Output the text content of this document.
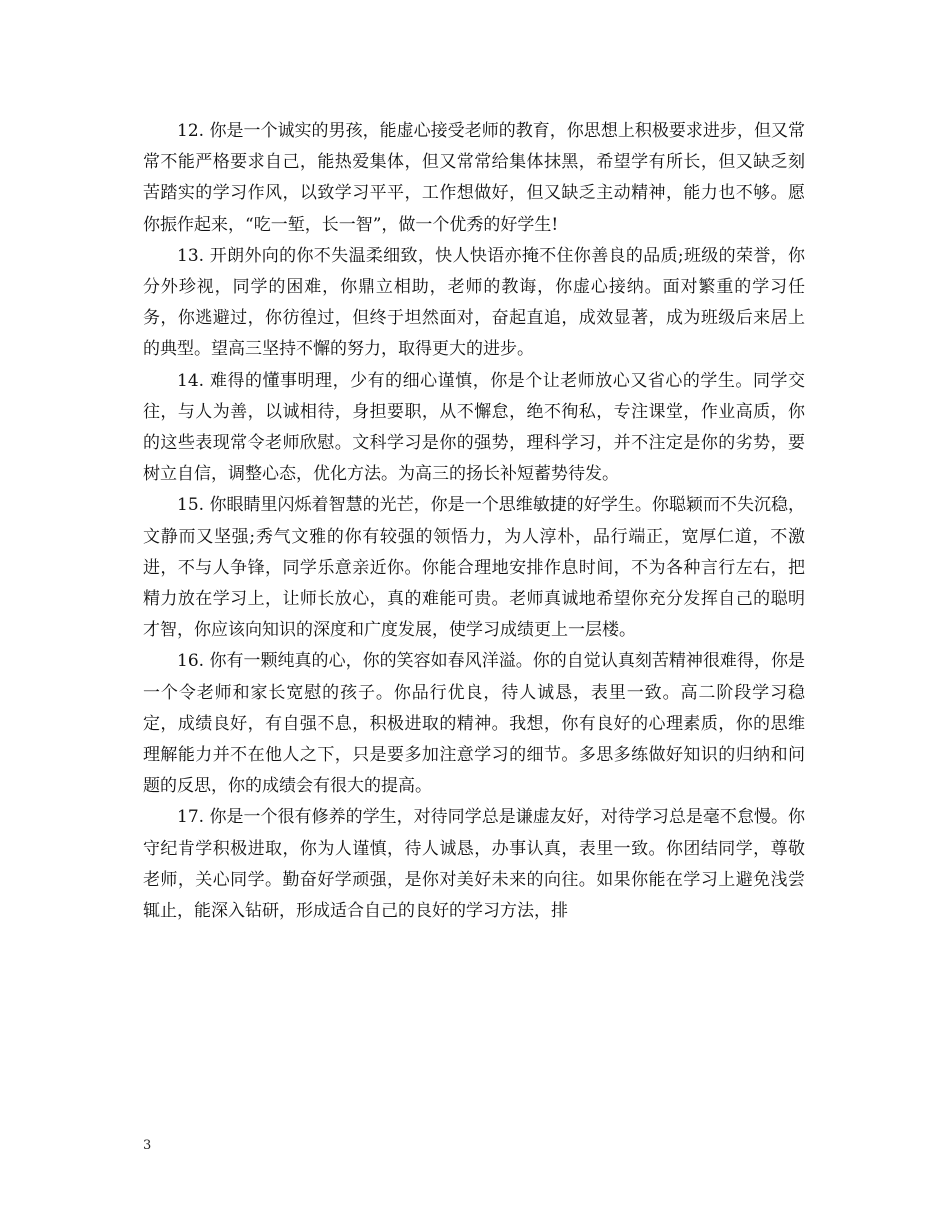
12. 你是一个诚实的男孩，能虚心接受老师的教育，你思想上积极要求进步，但又常常不能严格要求自己，能热爱集体，但又常常给集体抹黑，希望学有所长，但又缺乏刻苦踏实的学习作风，以致学习平平，工作想做好，但又缺乏主动精神，能力也不够。愿你振作起来，“吃一堑，长一智”，做一个优秀的好学生!

13. 开朗外向的你不失温柔细致，快人快语亦掩不住你善良的品质;班级的荣誉，你分外珍视，同学的困难，你鼎立相助，老师的教诲，你虚心接纳。面对繁重的学习任务，你逃避过，你彷徨过，但终于坦然面对，奋起直追，成效显著，成为班级后来居上的典型。望高三坚持不懈的努力，取得更大的进步。

14. 难得的懂事明理，少有的细心谨慎，你是个让老师放心又省心的学生。同学交往，与人为善，以诚相待，身担要职，从不懈怠，绝不徇私，专注课堂，作业高质，你的这些表现常令老师欣慰。文科学习是你的强势，理科学习，并不注定是你的劣势，要树立自信，调整心态，优化方法。为高三的扬长补短蓄势待发。

15. 你眼睛里闪烁着智慧的光芒，你是一个思维敏捷的好学生。你聪颖而不失沉稳，文静而又坚强;秀气文雅的你有较强的领悟力，为人淳朴，品行端正，宽厚仁道，不激进，不与人争锋，同学乐意亲近你。你能合理地安排作息时间，不为各种言行左右，把精力放在学习上，让师长放心，真的难能可贵。老师真诚地希望你充分发挥自己的聪明才智，你应该向知识的深度和广度发展，使学习成绩更上一层楼。

16. 你有一颗纯真的心，你的笑容如春风洋溢。你的自觉认真刻苦精神很难得，你是一个令老师和家长宽慰的孩子。你品行优良，待人诚恳，表里一致。高二阶段学习稳定，成绩良好，有自强不息，积极进取的精神。我想，你有良好的心理素质，你的思维理解能力并不在他人之下，只是要多加注意学习的细节。多思多练做好知识的归纳和问题的反思，你的成绩会有很大的提高。

17. 你是一个很有修养的学生，对待同学总是谦虚友好，对待学习总是毫不怠慢。你守纪肯学积极进取，你为人谨慎，待人诚恳，办事认真，表里一致。你团结同学，尊敬老师，关心同学。勤奋好学顽强，是你对美好未来的向往。如果你能在学习上避免浅尝辄止，能深入钻研，形成适合自己的良好的学习方法，排

3
